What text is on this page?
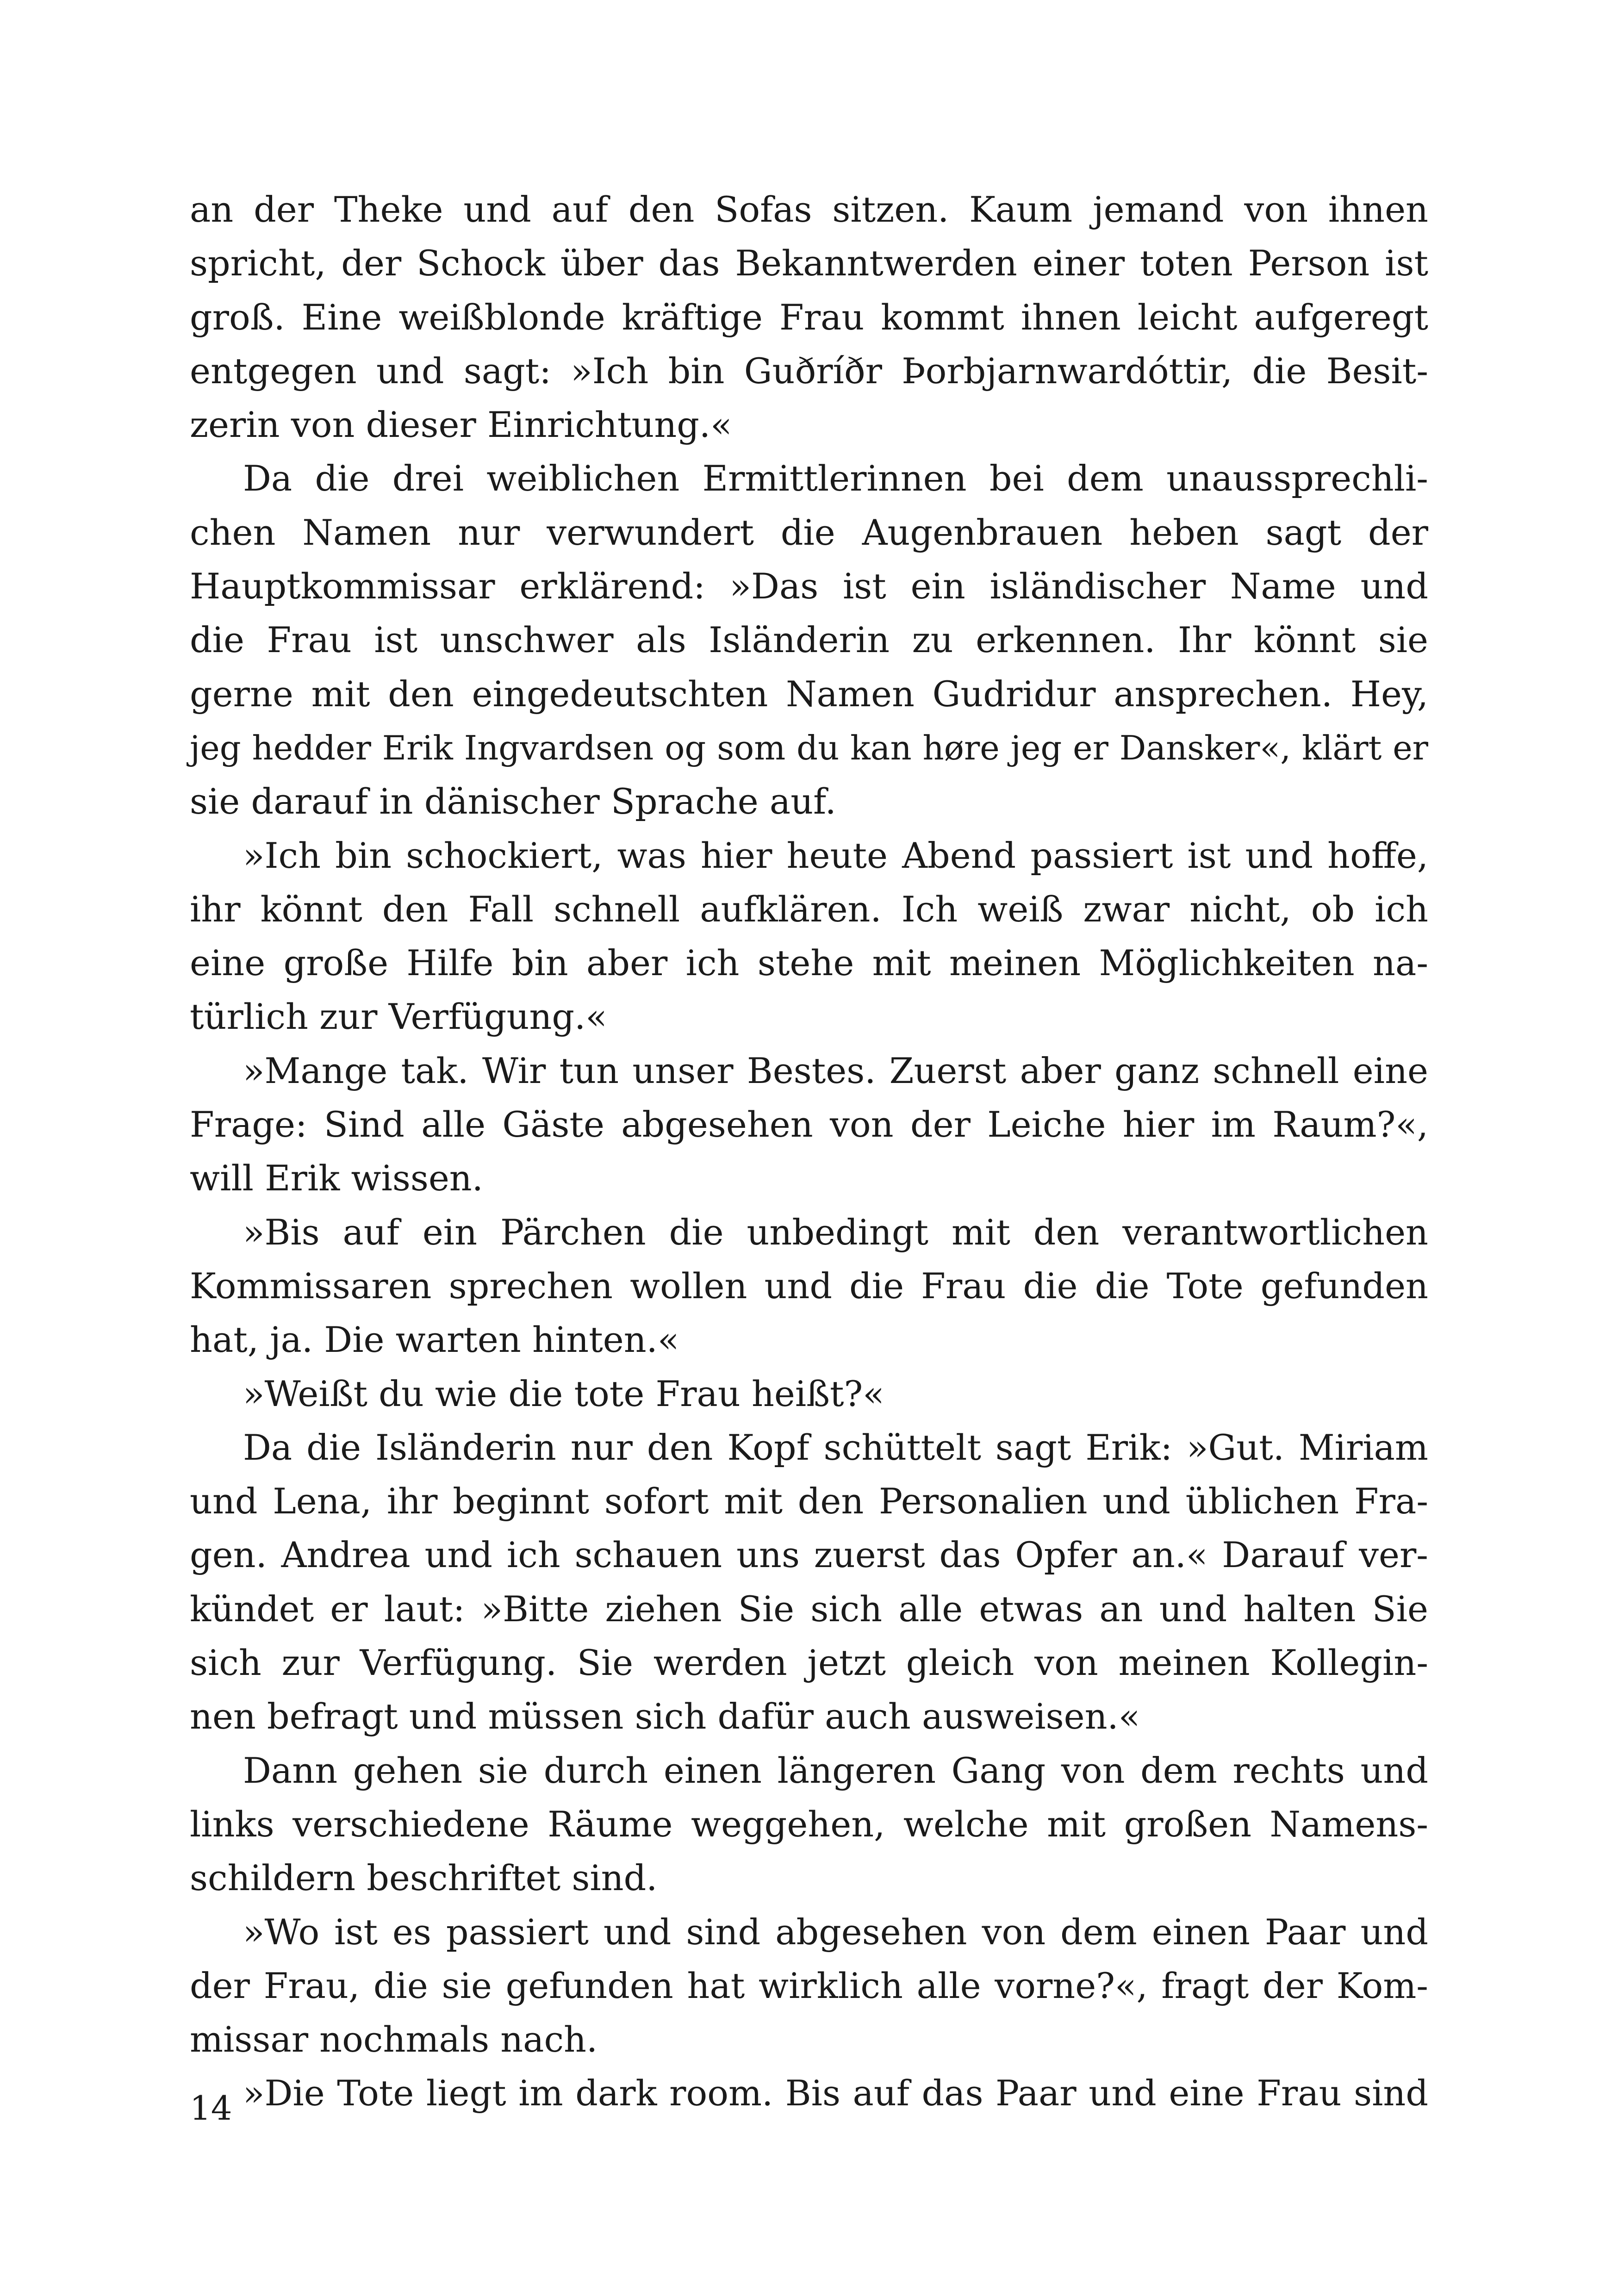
an der Theke und auf den Sofas sitzen. Kaum jemand von ihnen
spricht, der Schock über das Bekanntwerden einer toten Person ist
groß. Eine weißblonde kräftige Frau kommt ihnen leicht aufgeregt
entgegen und sagt: »Ich bin Guðríðr Þorbjarnwardóttir, die Besit-
zerin von dieser Einrichtung.«
Da die drei weiblichen Ermittlerinnen bei dem unaussprechli-
chen Namen nur verwundert die Augenbrauen heben sagt der
Hauptkommissar erklärend: »Das ist ein isländischer Name und
die Frau ist unschwer als Isländerin zu erkennen. Ihr könnt sie
gerne mit den eingedeutschten Namen Gudridur ansprechen. Hey,
jeg hedder Erik Ingvardsen og som du kan høre jeg er Dansker«, klärt er
sie darauf in dänischer Sprache auf.
»Ich bin schockiert, was hier heute Abend passiert ist und hoffe,
ihr könnt den Fall schnell aufklären. Ich weiß zwar nicht, ob ich
eine große Hilfe bin aber ich stehe mit meinen Möglichkeiten na-
türlich zur Verfügung.«
»Mange tak. Wir tun unser Bestes. Zuerst aber ganz schnell eine
Frage: Sind alle Gäste abgesehen von der Leiche hier im Raum?«,
will Erik wissen.
»Bis auf ein Pärchen die unbedingt mit den verantwortlichen
Kommissaren sprechen wollen und die Frau die die Tote gefunden
hat, ja. Die warten hinten.«
»Weißt du wie die tote Frau heißt?«
Da die Isländerin nur den Kopf schüttelt sagt Erik: »Gut. Miriam
und Lena, ihr beginnt sofort mit den Personalien und üblichen Fra-
gen. Andrea und ich schauen uns zuerst das Opfer an.« Darauf ver-
kündet er laut: »Bitte ziehen Sie sich alle etwas an und halten Sie
sich zur Verfügung. Sie werden jetzt gleich von meinen Kollegin-
nen befragt und müssen sich dafür auch ausweisen.«
Dann gehen sie durch einen längeren Gang von dem rechts und
links verschiedene Räume weggehen, welche mit großen Namens-
schildern beschriftet sind.
»Wo ist es passiert und sind abgesehen von dem einen Paar und
der Frau, die sie gefunden hat wirklich alle vorne?«, fragt der Kom-
missar nochmals nach.
»Die Tote liegt im dark room. Bis auf das Paar und eine Frau sind
14
